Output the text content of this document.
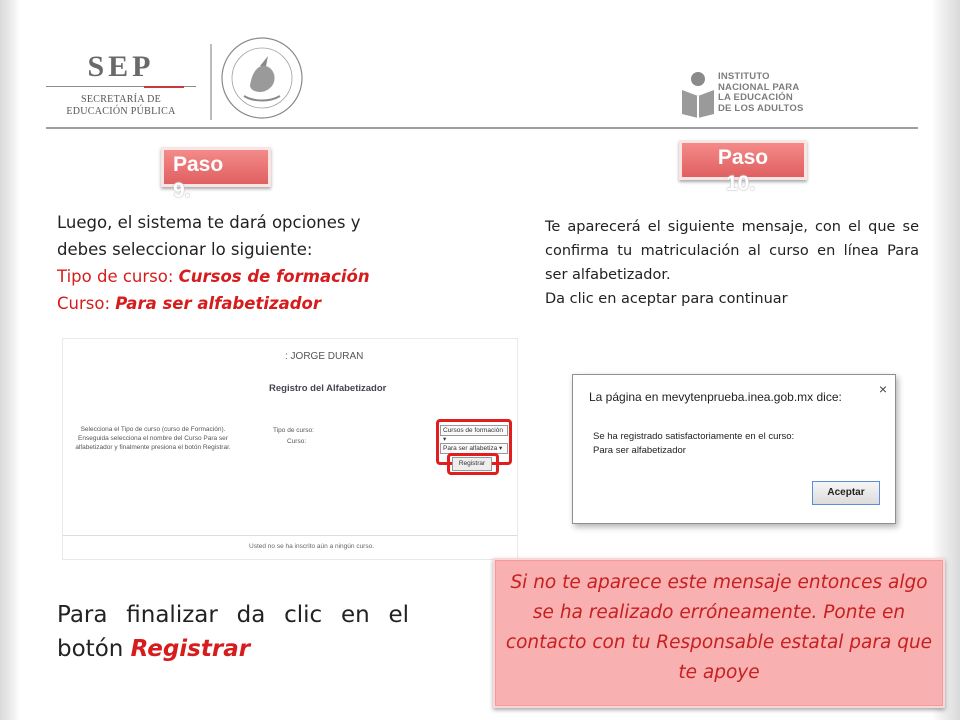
SEP
SECRETARÍA DE
EDUCACIÓN PÚBLICA
INSTITUTO
NACIONAL PARA
LA EDUCACIÓN
DE LOS ADULTOS
Paso
9.
Luego, el sistema te dará opciones y
debes seleccionar lo siguiente:
Tipo de curso: Cursos de formación
Curso: Para ser alfabetizador
: JORGE DURAN
Registro del Alfabetizador
Selecciona el Tipo de curso (curso de Formación). Enseguida selecciona el nombre del Curso Para ser alfabetizador y finalmente presiona el botón Registrar.
Tipo de curso:
Curso:
Cursos de formación ▾
Para ser alfabetiza ▾
Registrar
Usted no se ha inscrito aún a ningún curso.
Para finalizar da clic en el botón Registrar
Paso
10.
Te aparecerá el siguiente mensaje, con el que se confirma tu matriculación al curso en línea Para ser alfabetizador.
Da clic en aceptar para continuar
La página en mevytenprueba.inea.gob.mx dice:	×
Se ha registrado satisfactoriamente en el curso:
Para ser alfabetizador
Aceptar
Si no te aparece este mensaje entonces algo se ha realizado erróneamente. Ponte en contacto con tu Responsable estatal para que te apoye
